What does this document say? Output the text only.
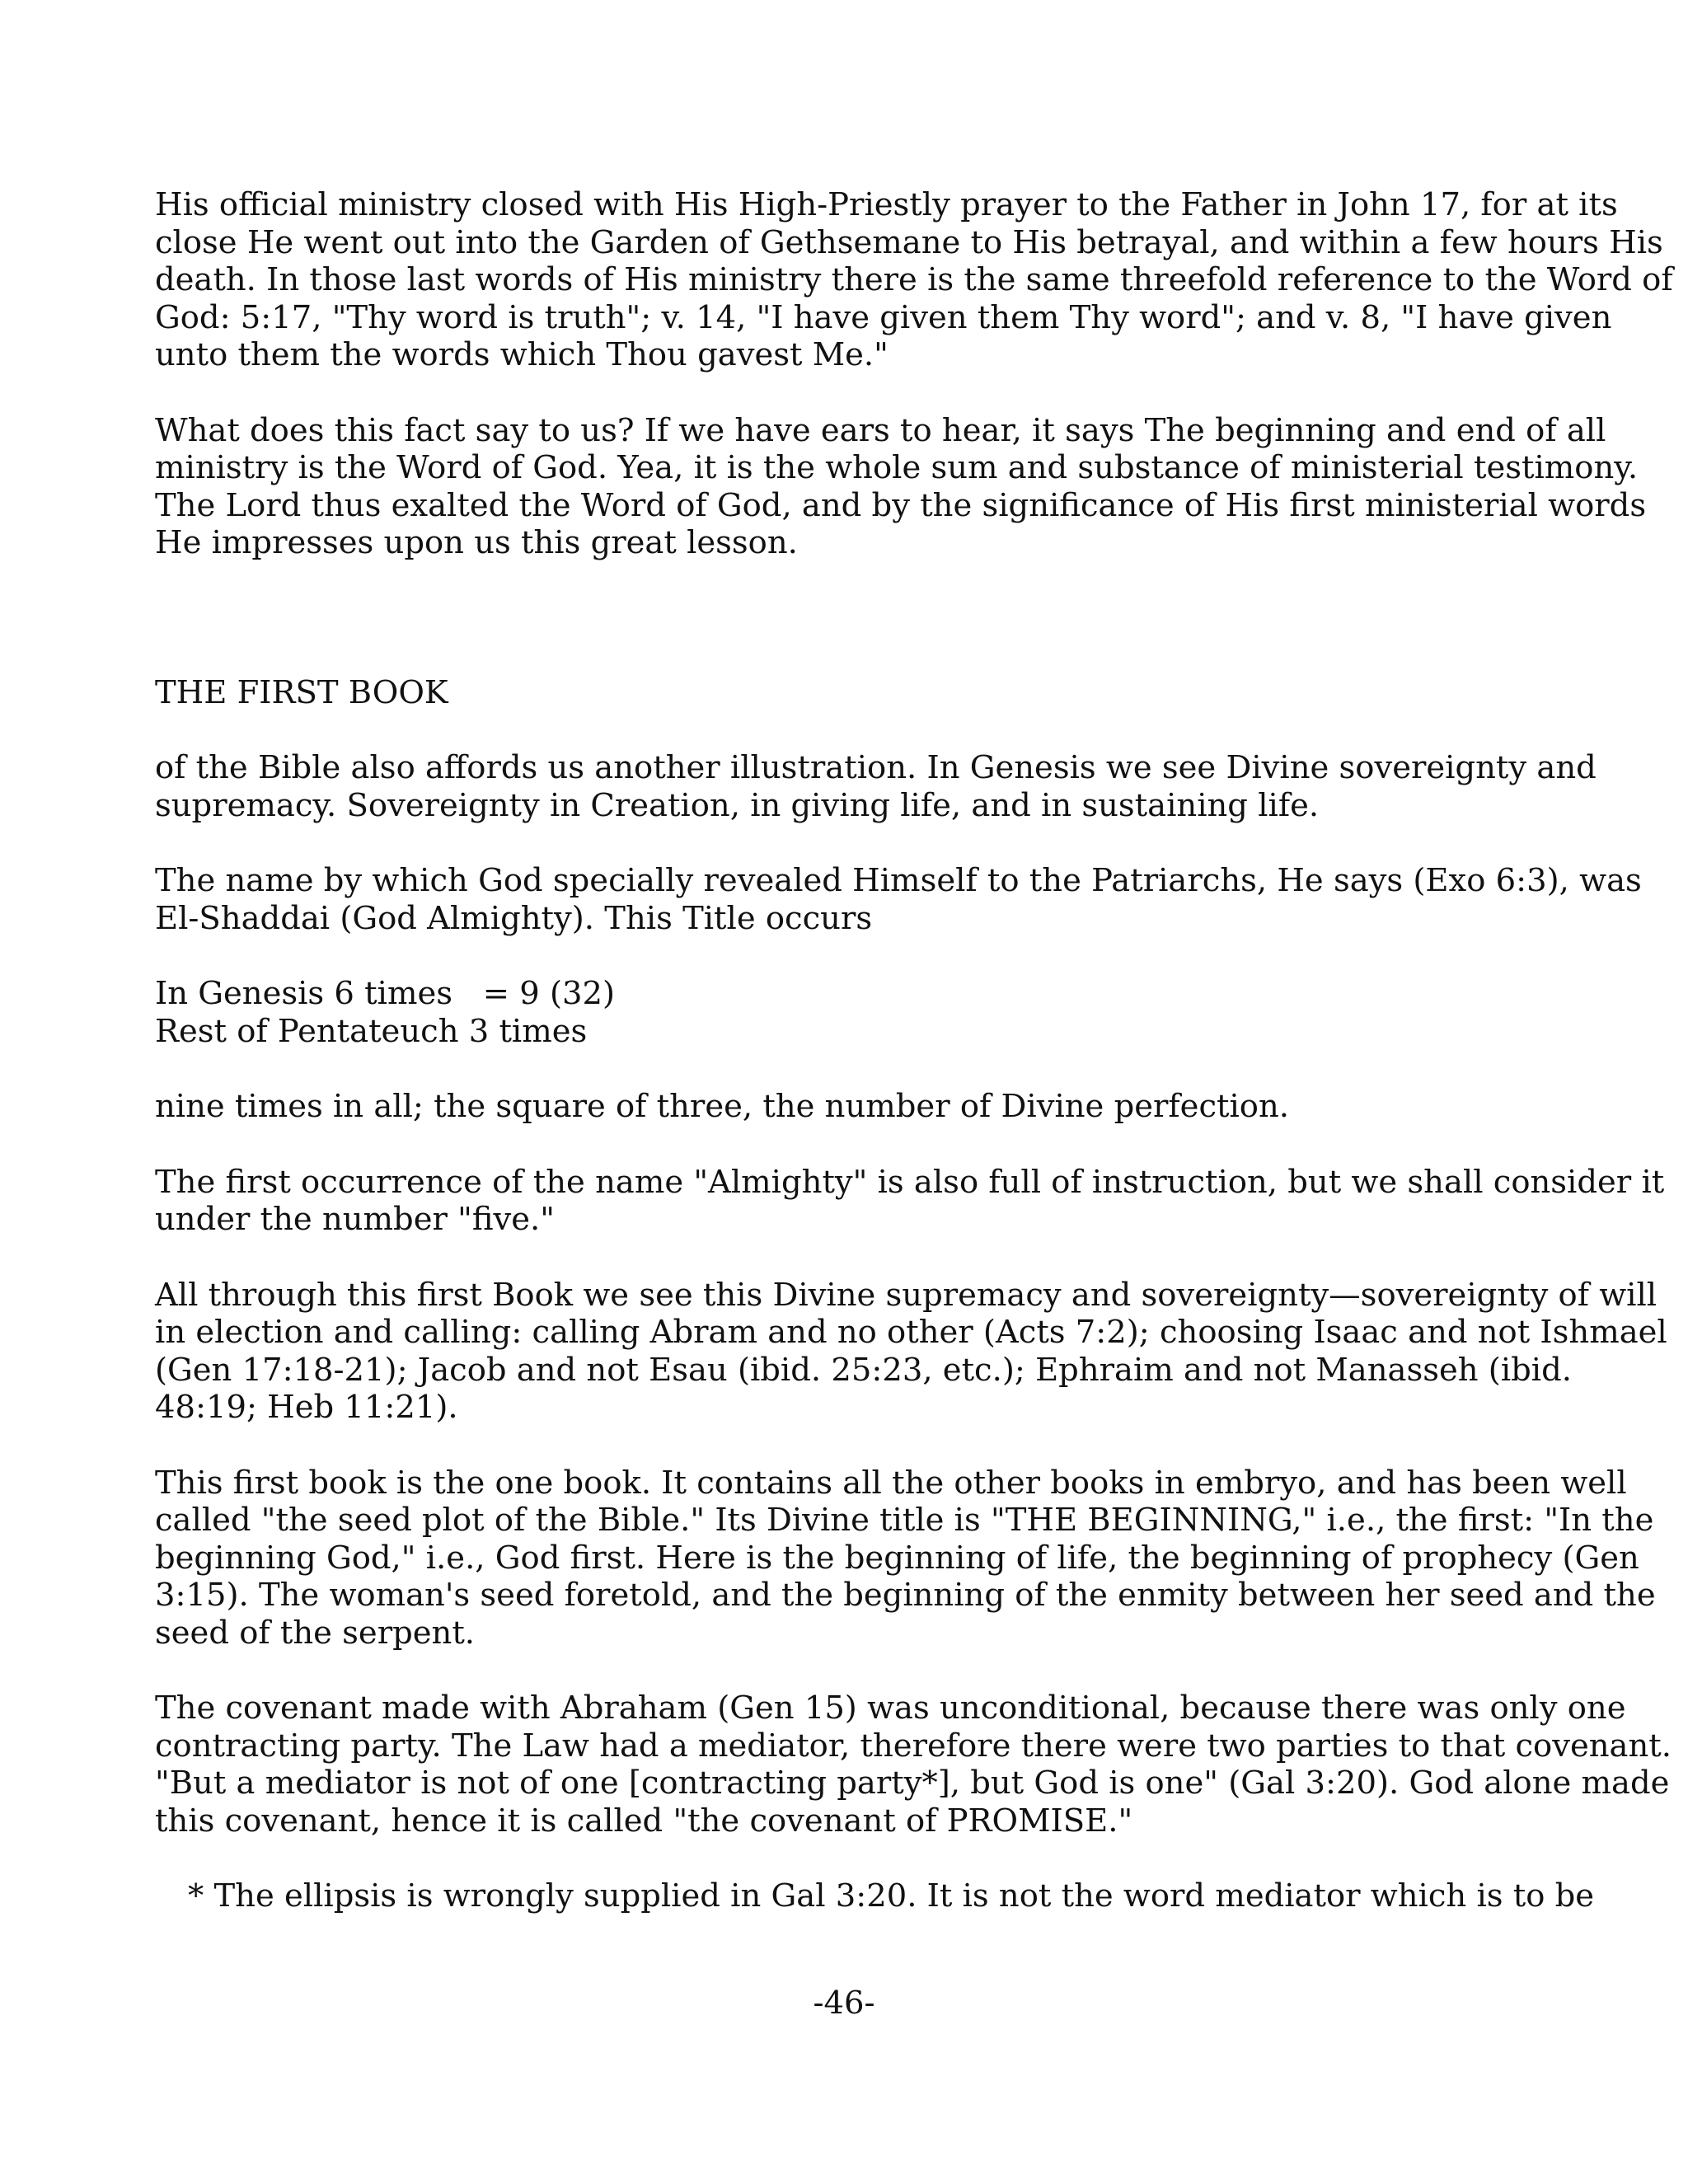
His official ministry closed with His High-Priestly prayer to the Father in John 17, for at its
close He went out into the Garden of Gethsemane to His betrayal, and within a few hours His
death. In those last words of His ministry there is the same threefold reference to the Word of
God: 5:17, "Thy word is truth"; v. 14, "I have given them Thy word"; and v. 8, "I have given
unto them the words which Thou gavest Me."

What does this fact say to us? If we have ears to hear, it says The beginning and end of all
ministry is the Word of God. Yea, it is the whole sum and substance of ministerial testimony.
The Lord thus exalted the Word of God, and by the significance of His first ministerial words
He impresses upon us this great lesson.

THE FIRST BOOK

of the Bible also affords us another illustration. In Genesis we see Divine sovereignty and
supremacy. Sovereignty in Creation, in giving life, and in sustaining life.

The name by which God specially revealed Himself to the Patriarchs, He says (Exo 6:3), was
El-Shaddai (God Almighty). This Title occurs

In Genesis 6 times   = 9 (32)
Rest of Pentateuch 3 times

nine times in all; the square of three, the number of Divine perfection.

The first occurrence of the name "Almighty" is also full of instruction, but we shall consider it
under the number "five."

All through this first Book we see this Divine supremacy and sovereignty—sovereignty of will
in election and calling: calling Abram and no other (Acts 7:2); choosing Isaac and not Ishmael
(Gen 17:18-21); Jacob and not Esau (ibid. 25:23, etc.); Ephraim and not Manasseh (ibid.
48:19; Heb 11:21).

This first book is the one book. It contains all the other books in embryo, and has been well
called "the seed plot of the Bible." Its Divine title is "THE BEGINNING," i.e., the first: "In the
beginning God," i.e., God first. Here is the beginning of life, the beginning of prophecy (Gen
3:15). The woman's seed foretold, and the beginning of the enmity between her seed and the
seed of the serpent.

The covenant made with Abraham (Gen 15) was unconditional, because there was only one
contracting party. The Law had a mediator, therefore there were two parties to that covenant.
"But a mediator is not of one [contracting party*], but God is one" (Gal 3:20). God alone made
this covenant, hence it is called "the covenant of PROMISE."

* The ellipsis is wrongly supplied in Gal 3:20. It is not the word mediator which is to be

-46-
